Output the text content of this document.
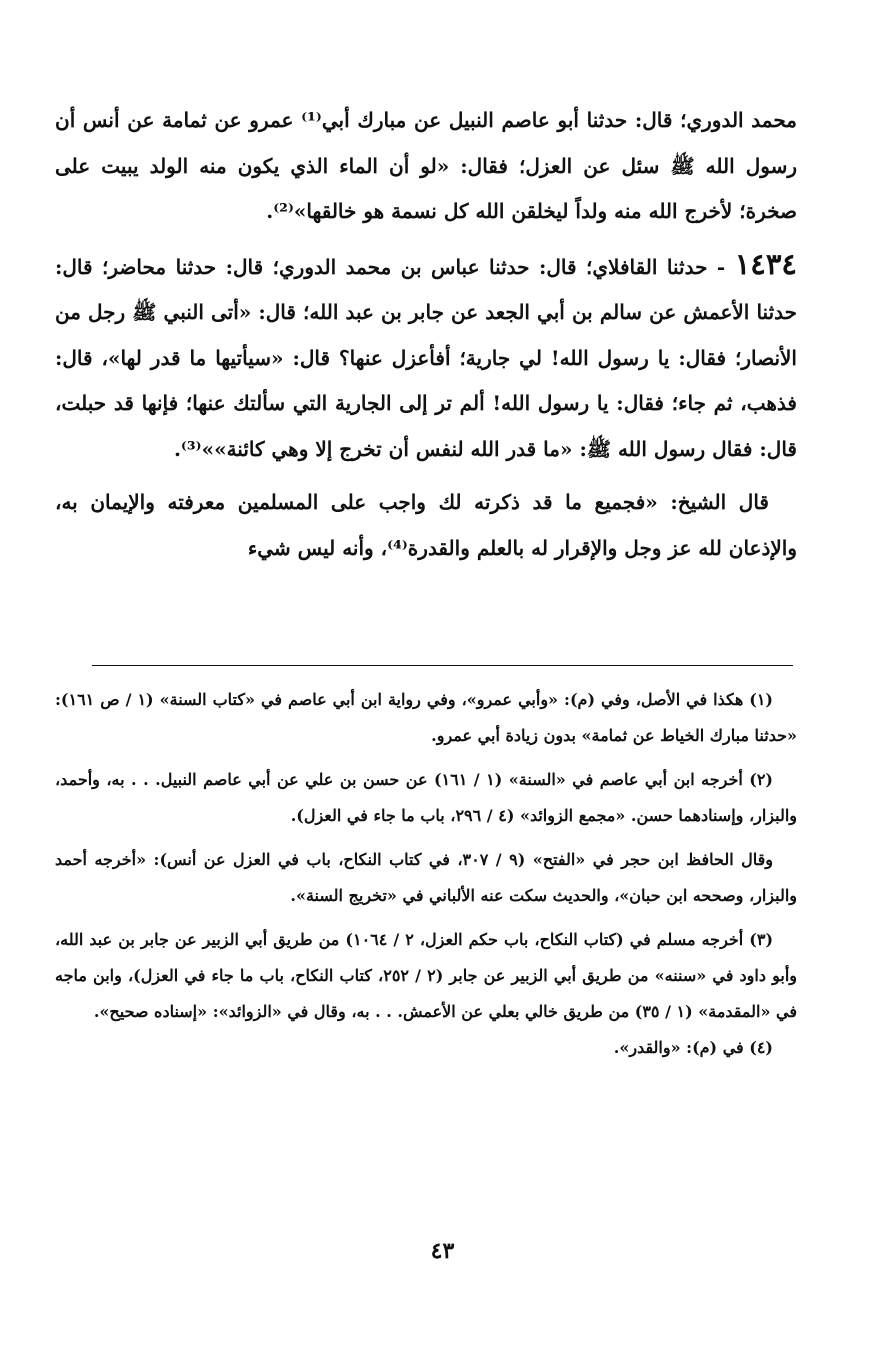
محمد الدوري؛ قال: حدثنا أبو عاصم النبيل عن مبارك أبي⁽¹⁾ عمرو عن ثمامة عن أنس أن رسول الله ﷺ سئل عن العزل؛ فقال: «لو أن الماء الذي يكون منه الولد يبيت على صخرة؛ لأخرج الله منه ولداً ليخلقن الله كل نسمة هو خالقها»⁽²⁾.

١٤٣٤ - حدثنا القافلاي؛ قال: حدثنا عباس بن محمد الدوري؛ قال: حدثنا محاضر؛ قال: حدثنا الأعمش عن سالم بن أبي الجعد عن جابر بن عبد الله؛ قال: «أتى النبي ﷺ رجل من الأنصار؛ فقال: يا رسول الله! لي جارية؛ أفأعزل عنها؟ قال: «سيأتيها ما قدر لها»، قال: فذهب، ثم جاء؛ فقال: يا رسول الله! ألم تر إلى الجارية التي سألتك عنها؛ فإنها قد حبلت، قال: فقال رسول الله ﷺ: «ما قدر الله لنفس أن تخرج إلا وهي كائنة»»⁽³⁾.

قال الشيخ: «فجميع ما قد ذكرته لك واجب على المسلمين معرفته والإيمان به، والإذعان لله عز وجل والإقرار له بالعلم والقدرة⁽⁴⁾، وأنه ليس شيء

(١) هكذا في الأصل، وفي (م): «وأبي عمرو»، وفي رواية ابن أبي عاصم في «كتاب السنة» (١ / ص ١٦١): «حدثنا مبارك الخياط عن ثمامة» بدون زيادة أبي عمرو.

(٢) أخرجه ابن أبي عاصم في «السنة» (١ / ١٦١) عن حسن بن علي عن أبي عاصم النبيل. . . به، وأحمد، والبزار، وإسنادهما حسن. «مجمع الزوائد» (٤ / ٢٩٦، باب ما جاء في العزل).

وقال الحافظ ابن حجر في «الفتح» (٩ / ٣٠٧، في كتاب النكاح، باب في العزل عن أنس): «أخرجه أحمد والبزار، وصححه ابن حبان»، والحديث سكت عنه الألباني في «تخريج السنة».

(٣) أخرجه مسلم في (كتاب النكاح، باب حكم العزل، ٢ / ١٠٦٤) من طريق أبي الزبير عن جابر بن عبد الله، وأبو داود في «سننه» من طريق أبي الزبير عن جابر (٢ / ٢٥٢، كتاب النكاح، باب ما جاء في العزل)، وابن ماجه في «المقدمة» (١ / ٣٥) من طريق خالي بعلي عن الأعمش. . . به، وقال في «الزوائد»: «إسناده صحيح».

(٤) في (م): «والقدر».

٤٣
